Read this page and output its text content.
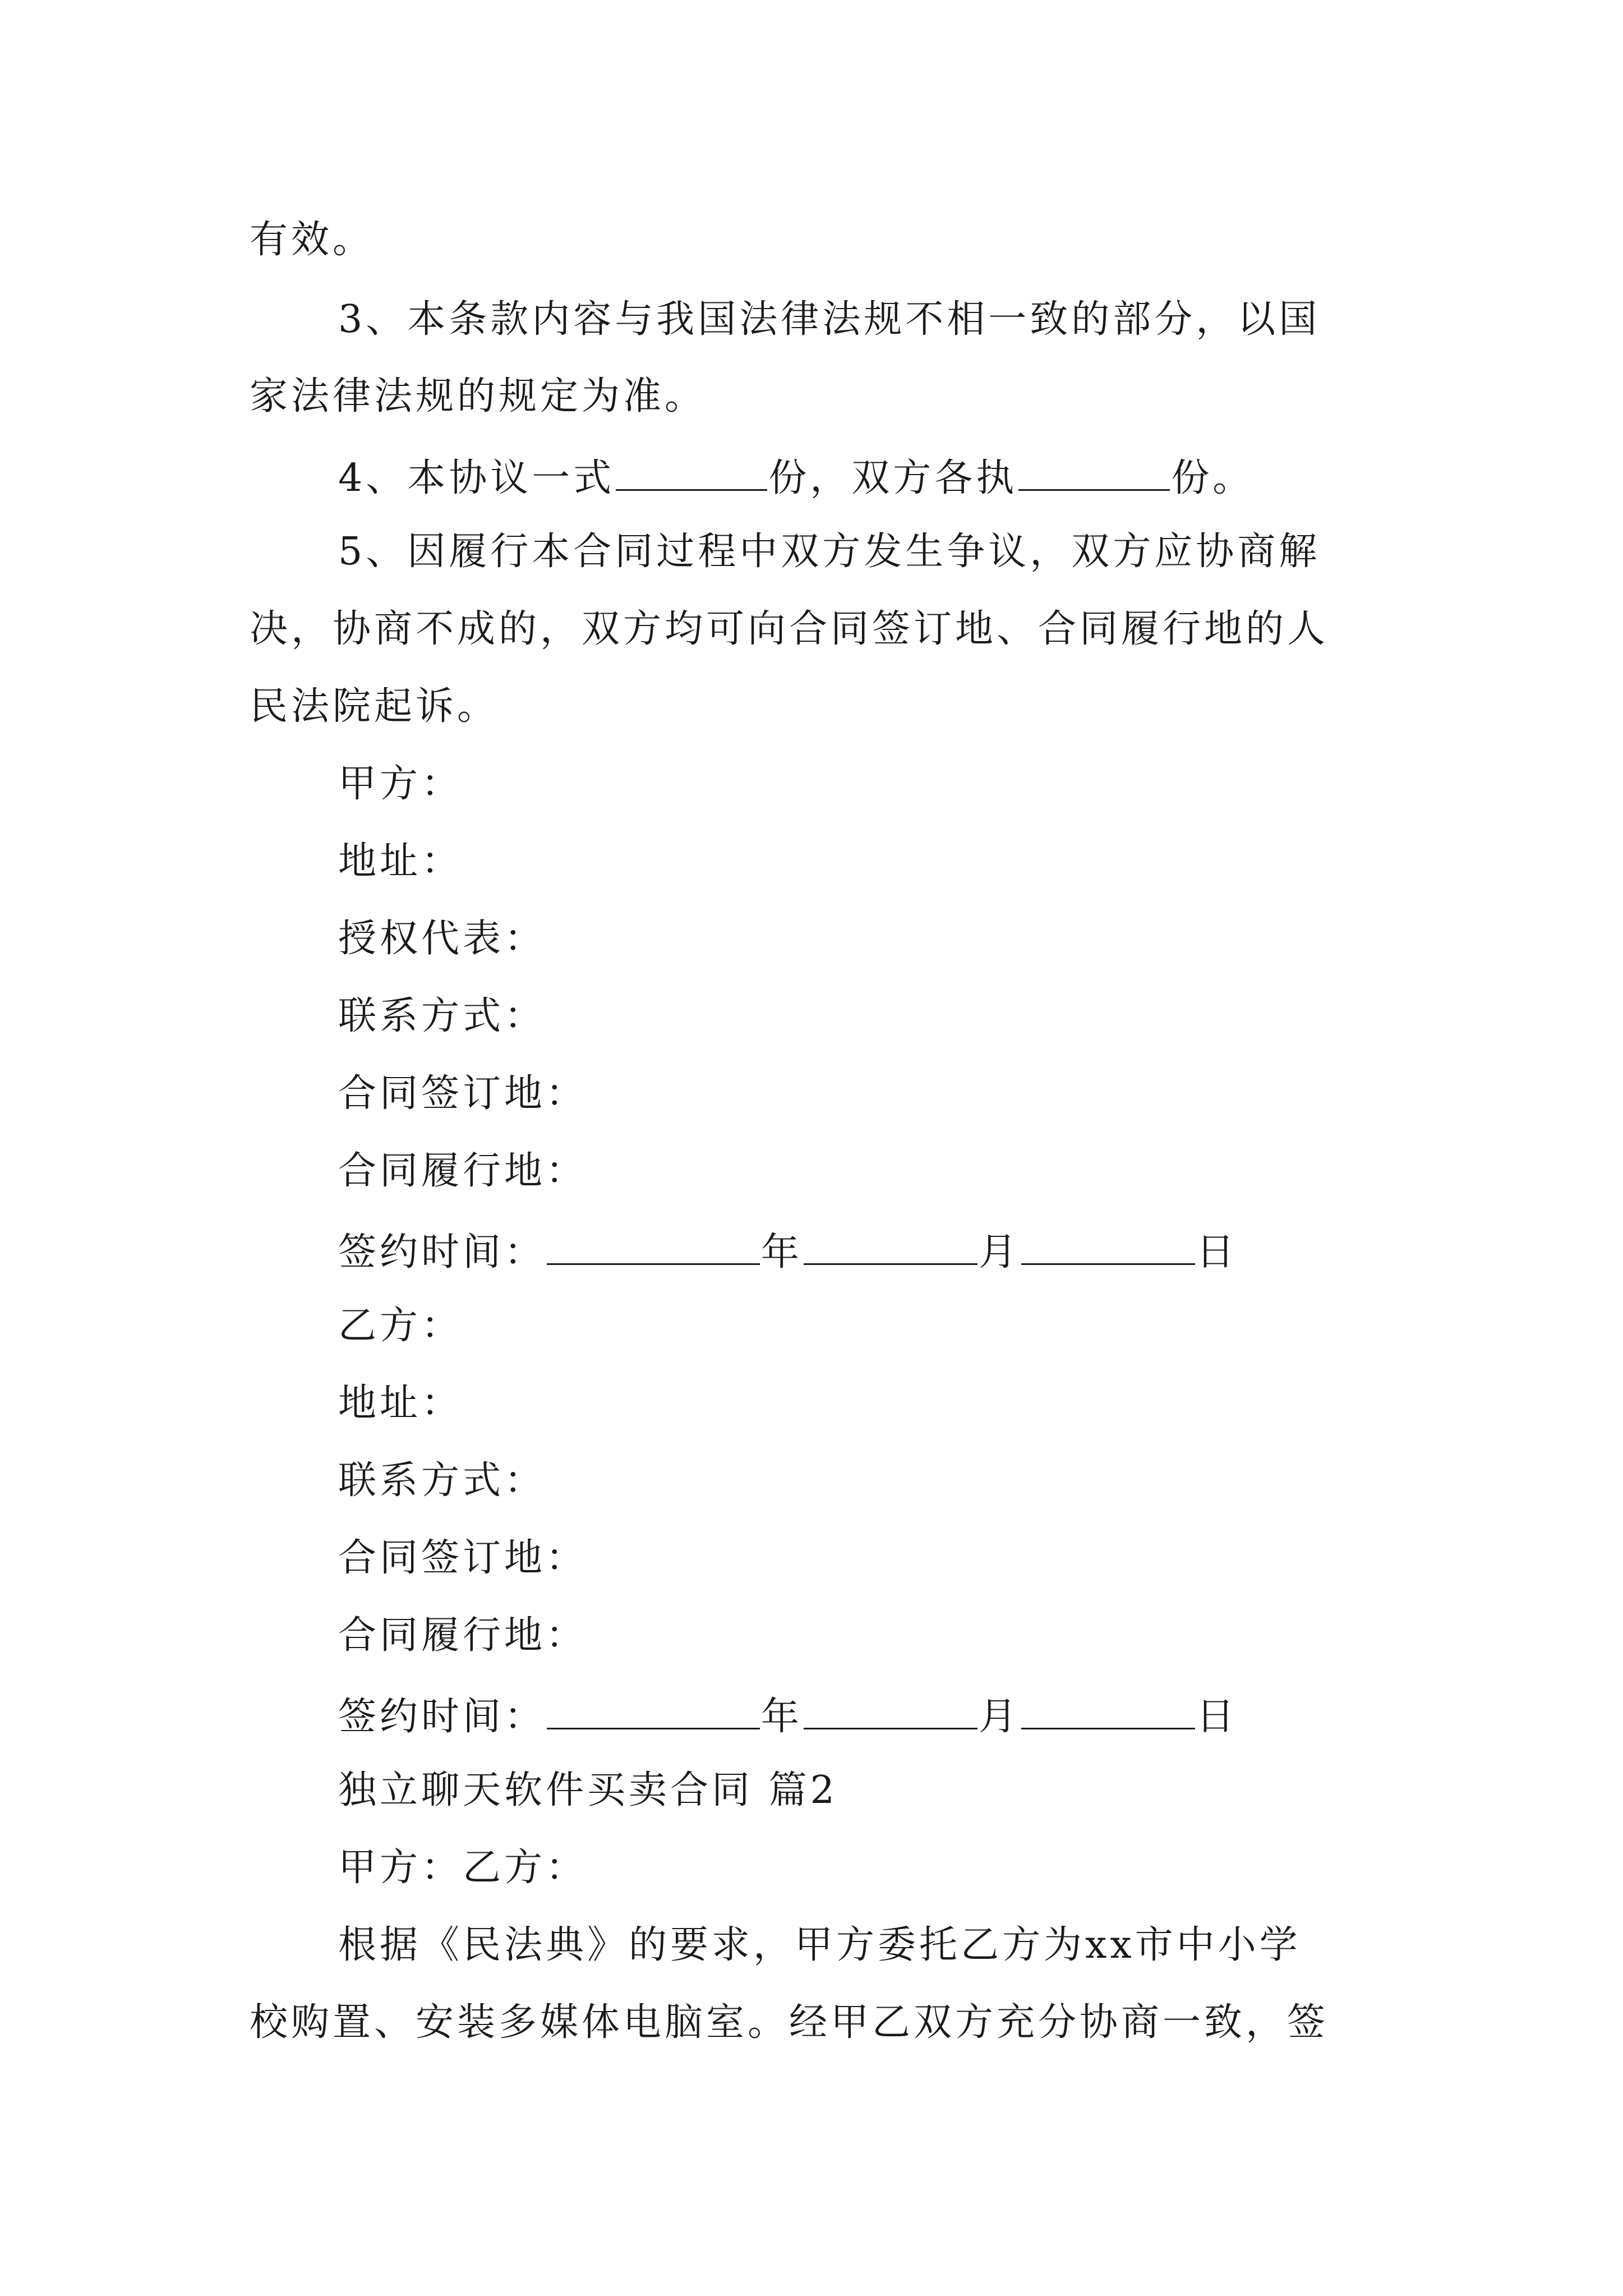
有效。
3、本条款内容与我国法律法规不相一致的部分，以国
家法律法规的规定为准。
4、本协议一式	份，双方各执	份。
5、因履行本合同过程中双方发生争议，双方应协商解
决，协商不成的，双方均可向合同签订地、合同履行地的人
民法院起诉。
甲方：
地址：
授权代表：
联系方式：
合同签订地：
合同履行地：
签约时间：	年	月	日
乙方：
地址：
联系方式：
合同签订地：
合同履行地：
签约时间：	年	月	日
独立聊天软件买卖合同 篇2
甲方：乙方：
根据《民法典》的要求，甲方委托乙方为xx市中小学
校购置、安装多媒体电脑室。经甲乙双方充分协商一致，签
